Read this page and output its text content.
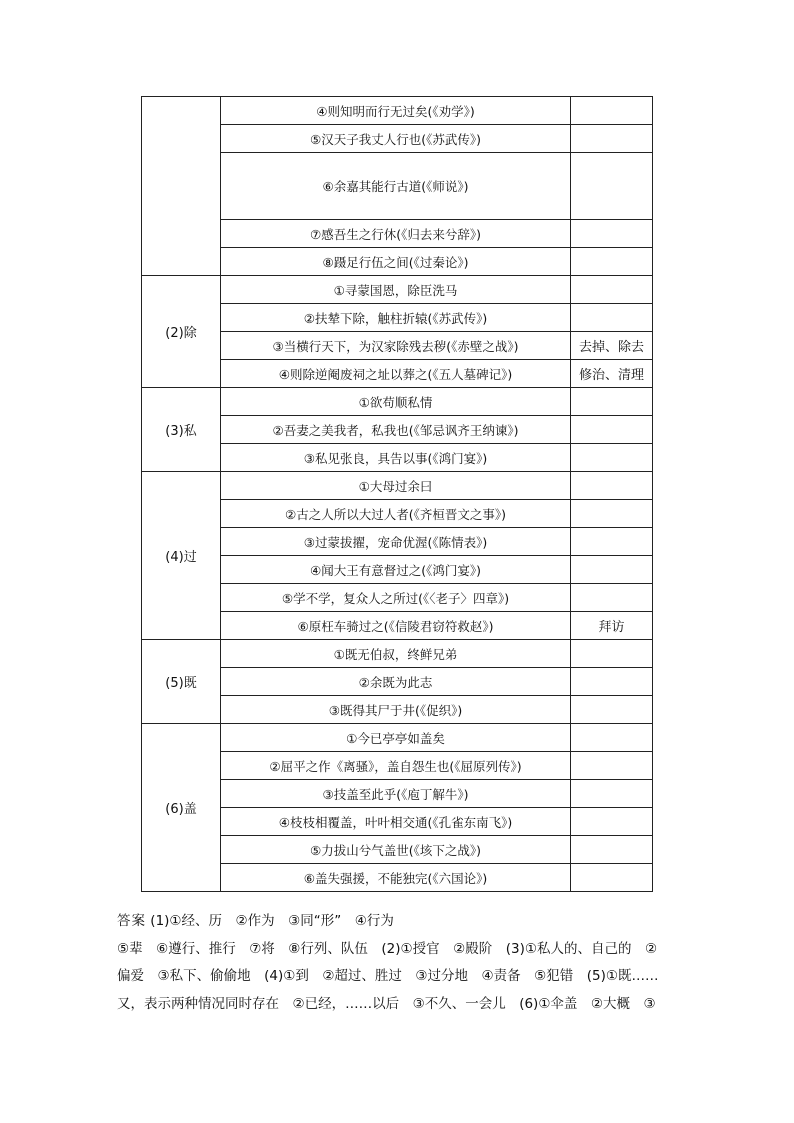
	④则知明而行无过矣(《劝学》)	
	⑤汉天子我丈人行也(《苏武传》)	
	⑥余嘉其能行古道(《师说》)	
	⑦感吾生之行休(《归去来兮辞》)	
	⑧蹑足行伍之间(《过秦论》)	
(2)除	①寻蒙国恩，除臣洗马	
	②扶辇下除，触柱折辕(《苏武传》)	
	③当横行天下，为汉家除残去秽(《赤壁之战》)	去掉、除去
	④则除逆阉废祠之址以葬之(《五人墓碑记》)	修治、清理
(3)私	①欲苟顺私情	
	②吾妻之美我者，私我也(《邹忌讽齐王纳谏》)	
	③私见张良，具告以事(《鸿门宴》)	
(4)过	①大母过余曰	
	②古之人所以大过人者(《齐桓晋文之事》)	
	③过蒙拔擢，宠命优渥(《陈情表》)	
	④闻大王有意督过之(《鸿门宴》)	
	⑤学不学，复众人之所过(《〈老子〉四章》)	
	⑥原枉车骑过之(《信陵君窃符救赵》)	拜访
(5)既	①既无伯叔，终鲜兄弟	
	②余既为此志	
	③既得其尸于井(《促织》)	
(6)盖	①今已亭亭如盖矣	
	②屈平之作《离骚》，盖自怨生也(《屈原列传》)	
	③技盖至此乎(《庖丁解牛》)	
	④枝枝相覆盖，叶叶相交通(《孔雀东南飞》)	
	⑤力拔山兮气盖世(《垓下之战》)	
	⑥盖失强援，不能独完(《六国论》)	
答案 (1)①经、历　②作为　③同“形”　④行为
⑤辈　⑥遵行、推行　⑦将　⑧行列、队伍　(2)①授官　②殿阶　(3)①私人的、自己的　②
偏爱　③私下、偷偷地　(4)①到　②超过、胜过　③过分地　④责备　⑤犯错　(5)①既……
又，表示两种情况同时存在　②已经，……以后　③不久、一会儿　(6)①伞盖　②大概　③
